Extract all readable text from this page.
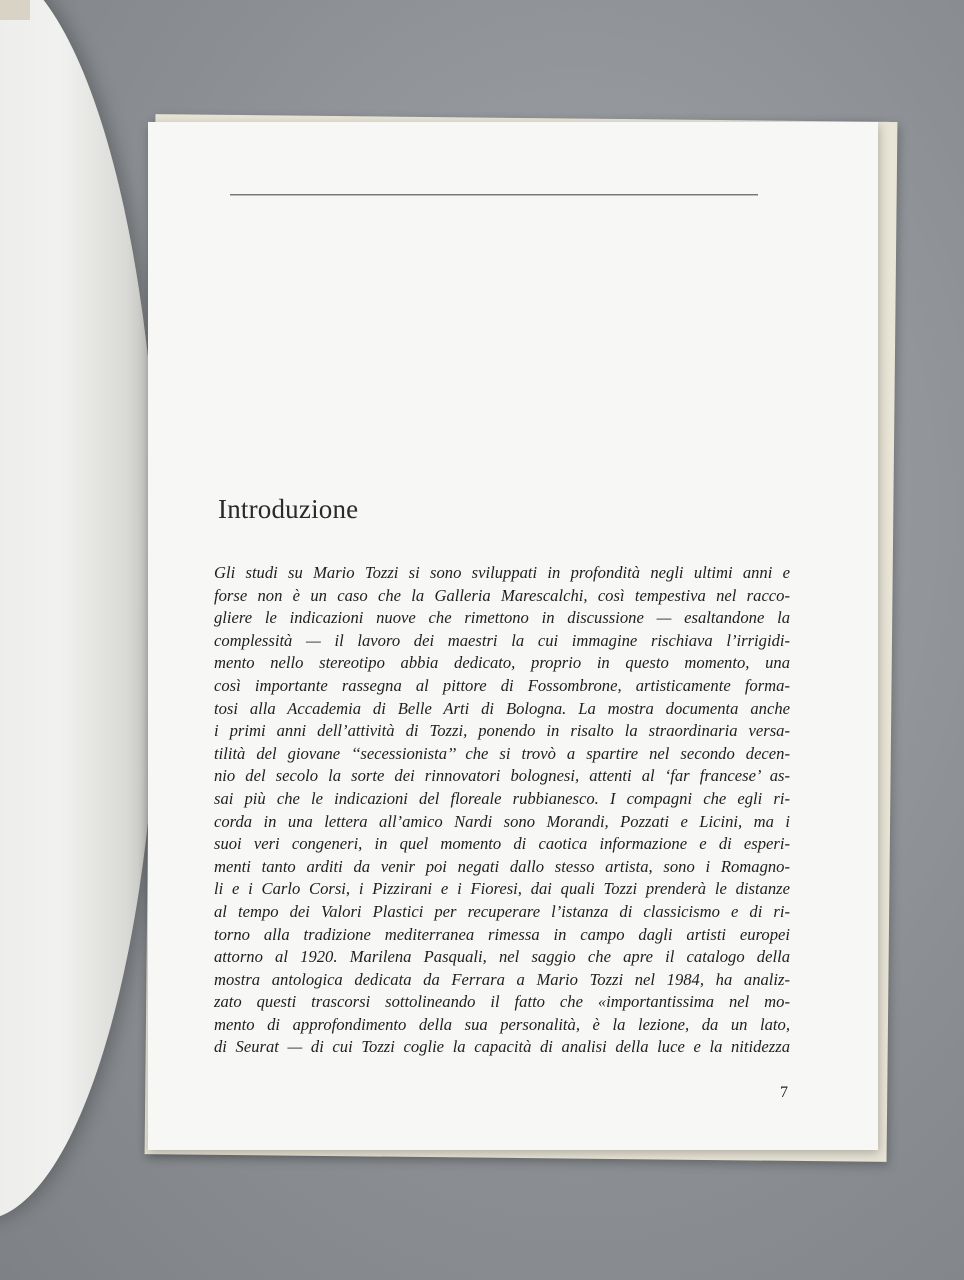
Introduzione
Gli studi su Mario Tozzi si sono sviluppati in profondità negli ultimi anni e
forse non è un caso che la Galleria Marescalchi, così tempestiva nel racco-
gliere le indicazioni nuove che rimettono in discussione — esaltandone la
complessità — il lavoro dei maestri la cui immagine rischiava l’irrigidi-
mento nello stereotipo abbia dedicato, proprio in questo momento, una
così importante rassegna al pittore di Fossombrone, artisticamente forma-
tosi alla Accademia di Belle Arti di Bologna. La mostra documenta anche
i primi anni dell’attività di Tozzi, ponendo in risalto la straordinaria versa-
tilità del giovane ‘‘secessionista’’ che si trovò a spartire nel secondo decen-
nio del secolo la sorte dei rinnovatori bolognesi, attenti al ‘far francese’ as-
sai più che le indicazioni del floreale rubbianesco. I compagni che egli ri-
corda in una lettera all’amico Nardi sono Morandi, Pozzati e Licini, ma i
suoi veri congeneri, in quel momento di caotica informazione e di esperi-
menti tanto arditi da venir poi negati dallo stesso artista, sono i Romagno-
li e i Carlo Corsi, i Pizzirani e i Fioresi, dai quali Tozzi prenderà le distanze
al tempo dei Valori Plastici per recuperare l’istanza di classicismo e di ri-
torno alla tradizione mediterranea rimessa in campo dagli artisti europei
attorno al 1920. Marilena Pasquali, nel saggio che apre il catalogo della
mostra antologica dedicata da Ferrara a Mario Tozzi nel 1984, ha analiz-
zato questi trascorsi sottolineando il fatto che «importantissima nel mo-
mento di approfondimento della sua personalità, è la lezione, da un lato,
di Seurat — di cui Tozzi coglie la capacità di analisi della luce e la nitidezza
7
